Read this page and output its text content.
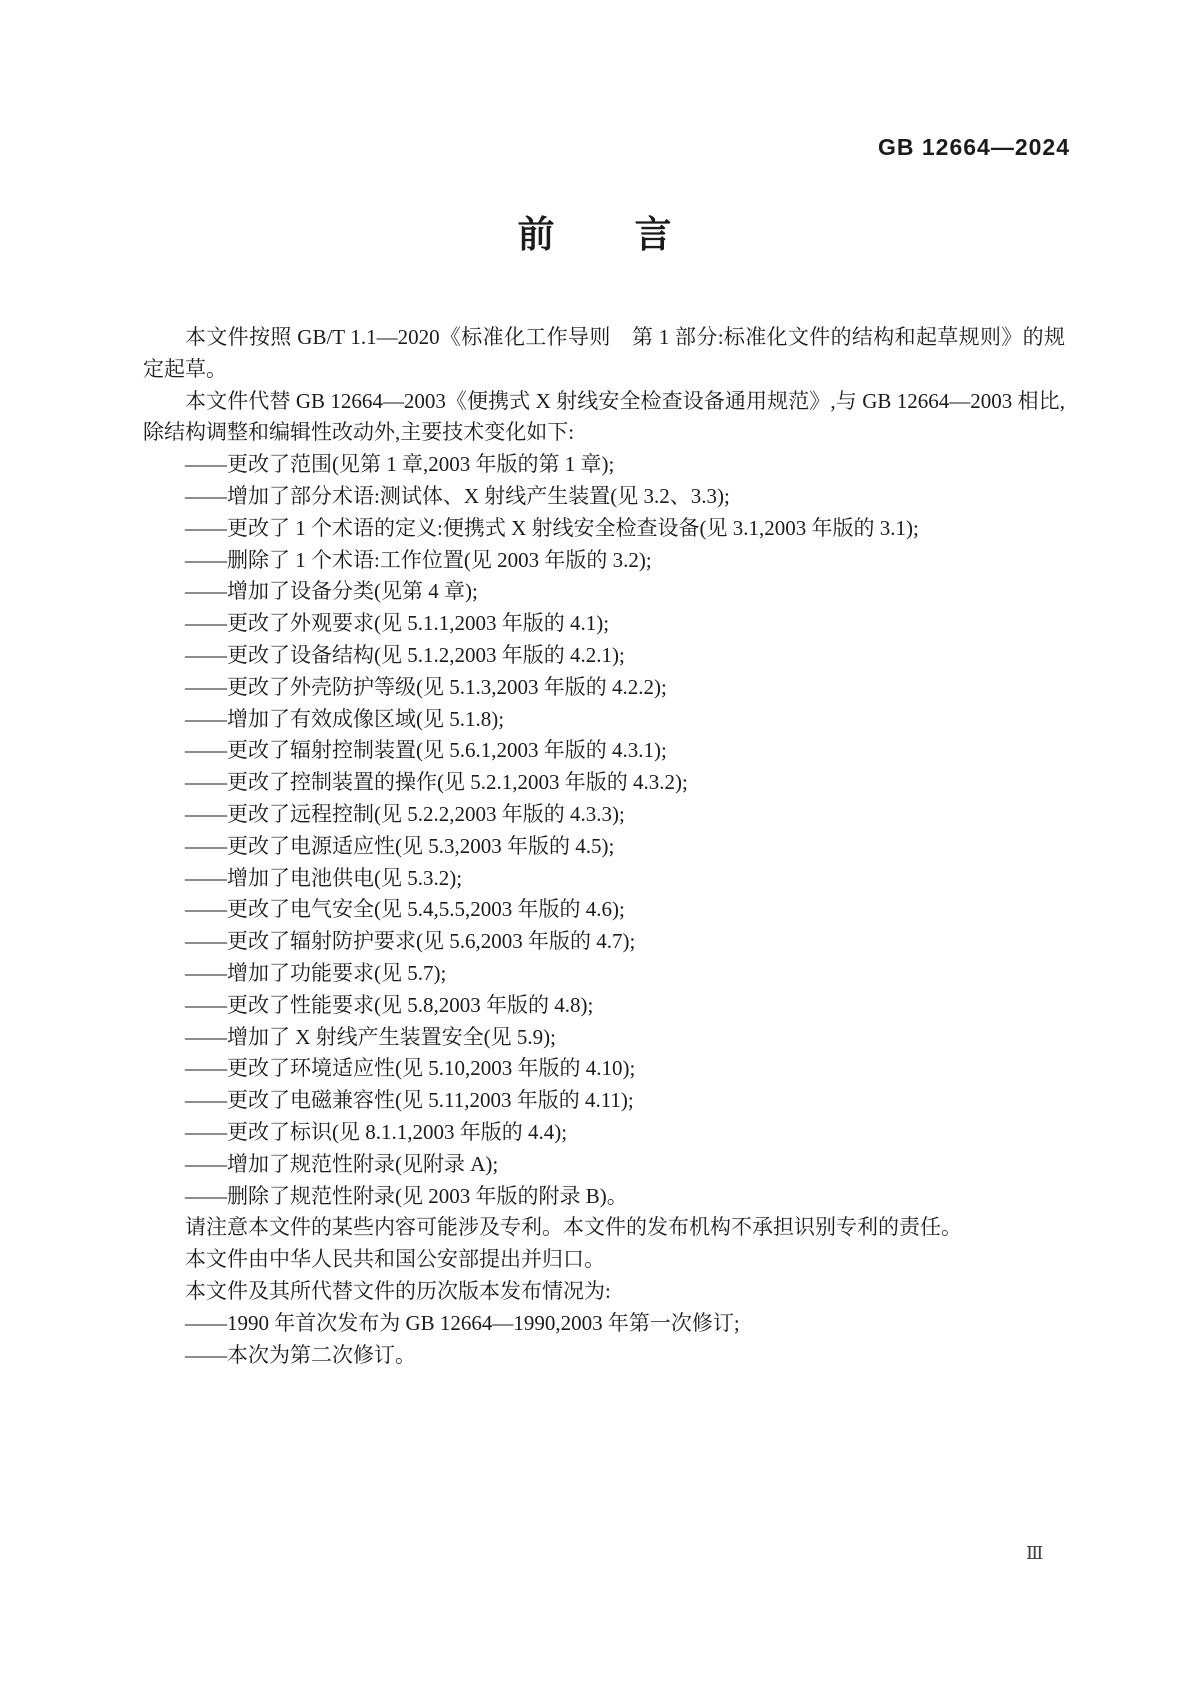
GB 12664—2024
前　　言

本文件按照 GB/T 1.1—2020《标准化工作导则　第 1 部分:标准化文件的结构和起草规则》的规定起草。

本文件代替 GB 12664—2003《便携式 X 射线安全检查设备通用规范》,与 GB 12664—2003 相比,除结构调整和编辑性改动外,主要技术变化如下:

——更改了范围(见第 1 章,2003 年版的第 1 章);

——增加了部分术语:测试体、X 射线产生装置(见 3.2、3.3);

——更改了 1 个术语的定义:便携式 X 射线安全检查设备(见 3.1,2003 年版的 3.1);

——删除了 1 个术语:工作位置(见 2003 年版的 3.2);

——增加了设备分类(见第 4 章);

——更改了外观要求(见 5.1.1,2003 年版的 4.1);

——更改了设备结构(见 5.1.2,2003 年版的 4.2.1);

——更改了外壳防护等级(见 5.1.3,2003 年版的 4.2.2);

——增加了有效成像区域(见 5.1.8);

——更改了辐射控制装置(见 5.6.1,2003 年版的 4.3.1);

——更改了控制装置的操作(见 5.2.1,2003 年版的 4.3.2);

——更改了远程控制(见 5.2.2,2003 年版的 4.3.3);

——更改了电源适应性(见 5.3,2003 年版的 4.5);

——增加了电池供电(见 5.3.2);

——更改了电气安全(见 5.4,5.5,2003 年版的 4.6);

——更改了辐射防护要求(见 5.6,2003 年版的 4.7);

——增加了功能要求(见 5.7);

——更改了性能要求(见 5.8,2003 年版的 4.8);

——增加了 X 射线产生装置安全(见 5.9);

——更改了环境适应性(见 5.10,2003 年版的 4.10);

——更改了电磁兼容性(见 5.11,2003 年版的 4.11);

——更改了标识(见 8.1.1,2003 年版的 4.4);

——增加了规范性附录(见附录 A);

——删除了规范性附录(见 2003 年版的附录 B)。

请注意本文件的某些内容可能涉及专利。本文件的发布机构不承担识别专利的责任。

本文件由中华人民共和国公安部提出并归口。

本文件及其所代替文件的历次版本发布情况为:

——1990 年首次发布为 GB 12664—1990,2003 年第一次修订;

——本次为第二次修订。

Ⅲ
